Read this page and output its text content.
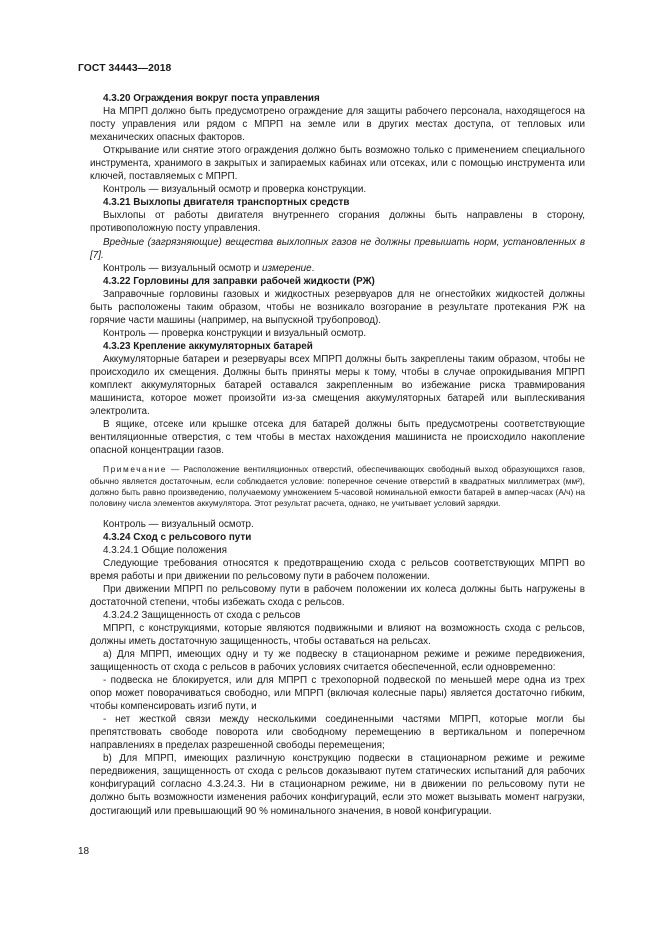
ГОСТ 34443—2018

4.3.20 Ограждения вокруг поста управления

На МПРП должно быть предусмотрено ограждение для защиты рабочего персонала, находящегося на посту управления или рядом с МПРП на земле или в других местах доступа, от тепловых или механических опасных факторов.

Открывание или снятие этого ограждения должно быть возможно только с применением специального инструмента, хранимого в закрытых и запираемых кабинах или отсеках, или с помощью инструмента или ключей, поставляемых с МПРП.

Контроль — визуальный осмотр и проверка конструкции.

4.3.21 Выхлопы двигателя транспортных средств

Выхлопы от работы двигателя внутреннего сгорания должны быть направлены в сторону, противоположную посту управления.

Вредные (загрязняющие) вещества выхлопных газов не должны превышать норм, установленных в [7].

Контроль — визуальный осмотр и измерение.

4.3.22 Горловины для заправки рабочей жидкости (РЖ)

Заправочные горловины газовых и жидкостных резервуаров для не огнестойких жидкостей должны быть расположены таким образом, чтобы не возникало возгорание в результате протекания РЖ на горячие части машины (например, на выпускной трубопровод).

Контроль — проверка конструкции и визуальный осмотр.

4.3.23 Крепление аккумуляторных батарей

Аккумуляторные батареи и резервуары всех МПРП должны быть закреплены таким образом, чтобы не происходило их смещения. Должны быть приняты меры к тому, чтобы в случае опрокидывания МПРП комплект аккумуляторных батарей оставался закрепленным во избежание риска травмирования машиниста, которое может произойти из-за смещения аккумуляторных батарей или выплескивания электролита.

В ящике, отсеке или крышке отсека для батарей должны быть предусмотрены соответствующие вентиляционные отверстия, с тем чтобы в местах нахождения машиниста не происходило накопление опасной концентрации газов.

Примечание — Расположение вентиляционных отверстий, обеспечивающих свободный выход образующихся газов, обычно является достаточным, если соблюдается условие: поперечное сечение отверстий в квадратных миллиметрах (мм²), должно быть равно произведению, получаемому умножением 5-часовой номинальной емкости батарей в ампер-часах (А/ч) на половину числа элементов аккумулятора. Этот результат расчета, однако, не учитывает условий зарядки.

Контроль — визуальный осмотр.

4.3.24 Сход с рельсового пути

4.3.24.1 Общие положения

Следующие требования относятся к предотвращению схода с рельсов соответствующих МПРП во время работы и при движении по рельсовому пути в рабочем положении.

При движении МПРП по рельсовому пути в рабочем положении их колеса должны быть нагружены в достаточной степени, чтобы избежать схода с рельсов.

4.3.24.2 Защищенность от схода с рельсов

МПРП, с конструкциями, которые являются подвижными и влияют на возможность схода с рельсов, должны иметь достаточную защищенность, чтобы оставаться на рельсах.

a) Для МПРП, имеющих одну и ту же подвеску в стационарном режиме и режиме передвижения, защищенность от схода с рельсов в рабочих условиях считается обеспеченной, если одновременно:

- подвеска не блокируется, или для МПРП с трехопорной подвеской по меньшей мере одна из трех опор может поворачиваться свободно, или МПРП (включая колесные пары) является достаточно гибким, чтобы компенсировать изгиб пути, и

- нет жесткой связи между несколькими соединенными частями МПРП, которые могли бы препятствовать свободе поворота или свободному перемещению в вертикальном и поперечном направлениях в пределах разрешенной свободы перемещения;

b) Для МПРП, имеющих различную конструкцию подвески в стационарном режиме и режиме передвижения, защищенность от схода с рельсов доказывают путем статических испытаний для рабочих конфигураций согласно 4.3.24.3. Ни в стационарном режиме, ни в движении по рельсовому пути не должно быть возможности изменения рабочих конфигураций, если это может вызывать момент нагрузки, достигающий или превышающий 90 % номинального значения, в новой конфигурации.

18
